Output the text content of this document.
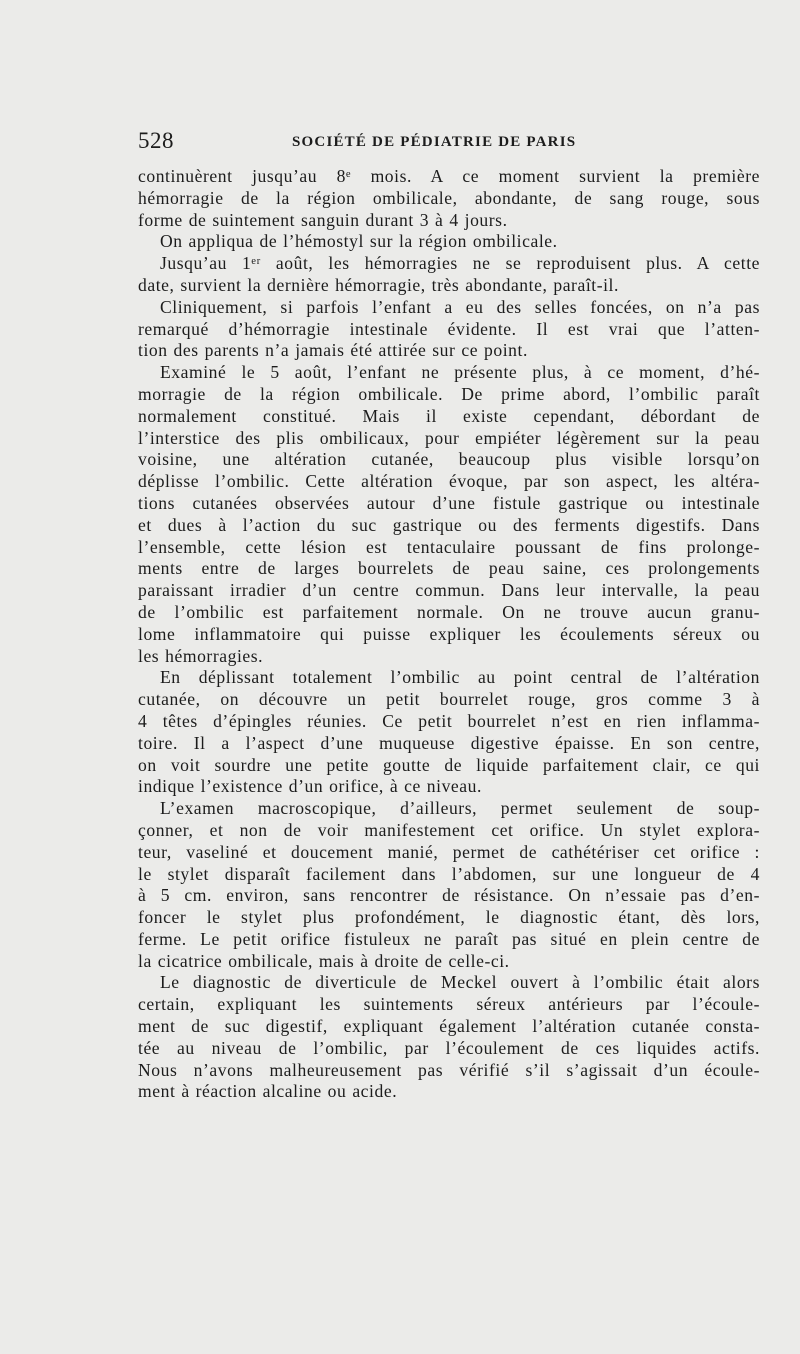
528	SOCIÉTÉ DE PÉDIATRIE DE PARIS
continuèrent jusqu’au 8ᵉ mois. A ce moment survient la première
hémorragie de la région ombilicale, abondante, de sang rouge, sous
forme de suintement sanguin durant 3 à 4 jours.
On appliqua de l’hémostyl sur la région ombilicale.
Jusqu’au 1ᵉʳ août, les hémorragies ne se reproduisent plus. A cette
date, survient la dernière hémorragie, très abondante, paraît-il.
Cliniquement, si parfois l’enfant a eu des selles foncées, on n’a pas
remarqué d’hémorragie intestinale évidente. Il est vrai que l’atten-
tion des parents n’a jamais été attirée sur ce point.
Examiné le 5 août, l’enfant ne présente plus, à ce moment, d’hé-
morragie de la région ombilicale. De prime abord, l’ombilic paraît
normalement constitué. Mais il existe cependant, débordant de
l’interstice des plis ombilicaux, pour empiéter légèrement sur la peau
voisine, une altération cutanée, beaucoup plus visible lorsqu’on
déplisse l’ombilic. Cette altération évoque, par son aspect, les altéra-
tions cutanées observées autour d’une fistule gastrique ou intestinale
et dues à l’action du suc gastrique ou des ferments digestifs. Dans
l’ensemble, cette lésion est tentaculaire poussant de fins prolonge-
ments entre de larges bourrelets de peau saine, ces prolongements
paraissant irradier d’un centre commun. Dans leur intervalle, la peau
de l’ombilic est parfaitement normale. On ne trouve aucun granu-
lome inflammatoire qui puisse expliquer les écoulements séreux ou
les hémorragies.
En déplissant totalement l’ombilic au point central de l’altération
cutanée, on découvre un petit bourrelet rouge, gros comme 3 à
4 têtes d’épingles réunies. Ce petit bourrelet n’est en rien inflamma-
toire. Il a l’aspect d’une muqueuse digestive épaisse. En son centre,
on voit sourdre une petite goutte de liquide parfaitement clair, ce qui
indique l’existence d’un orifice, à ce niveau.
L’examen macroscopique, d’ailleurs, permet seulement de soup-
çonner, et non de voir manifestement cet orifice. Un stylet explora-
teur, vaseliné et doucement manié, permet de cathétériser cet orifice :
le stylet disparaît facilement dans l’abdomen, sur une longueur de 4
à 5 cm. environ, sans rencontrer de résistance. On n’essaie pas d’en-
foncer le stylet plus profondément, le diagnostic étant, dès lors,
ferme. Le petit orifice fistuleux ne paraît pas situé en plein centre de
la cicatrice ombilicale, mais à droite de celle-ci.
Le diagnostic de diverticule de Meckel ouvert à l’ombilic était alors
certain, expliquant les suintements séreux antérieurs par l’écoule-
ment de suc digestif, expliquant également l’altération cutanée consta-
tée au niveau de l’ombilic, par l’écoulement de ces liquides actifs.
Nous n’avons malheureusement pas vérifié s’il s’agissait d’un écoule-
ment à réaction alcaline ou acide.
